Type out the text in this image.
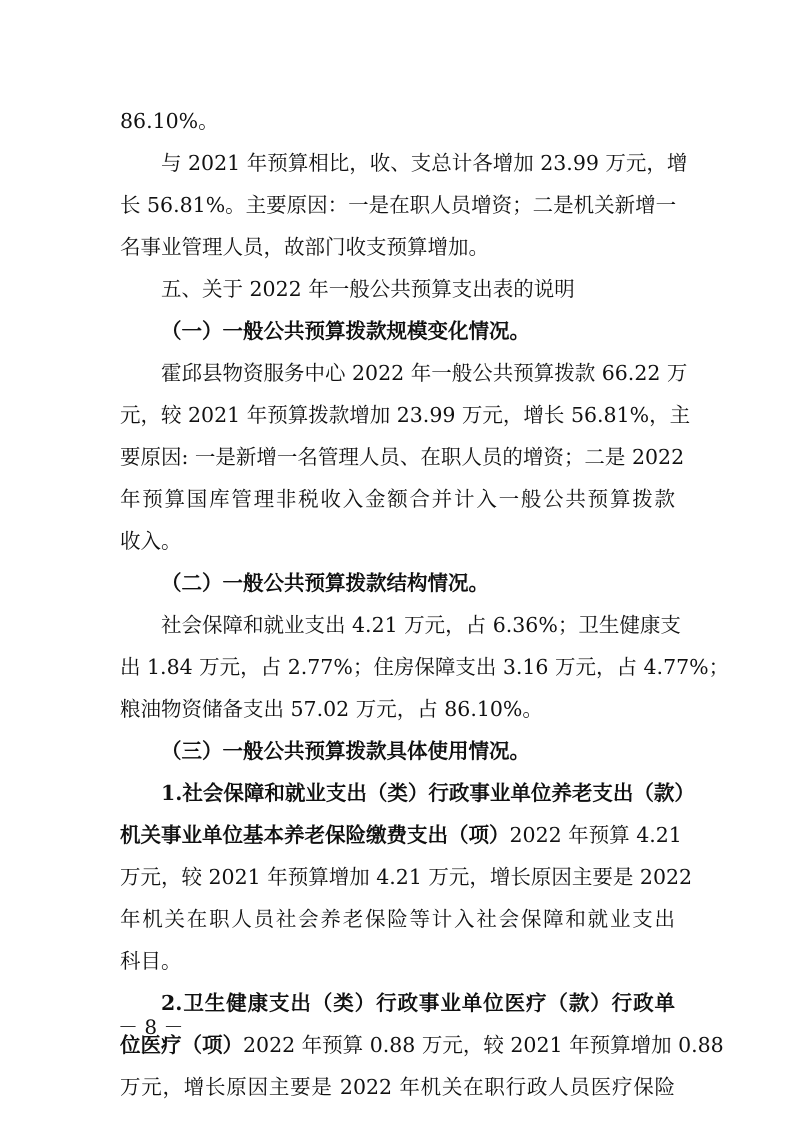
86.10%。
与 2021 年预算相比，收、支总计各增加 23.99 万元，增
长 56.81%。主要原因：一是在职人员增资；二是机关新增一
名事业管理人员，故部门收支预算增加。
五、关于 2022 年一般公共预算支出表的说明
（一）一般公共预算拨款规模变化情况。
霍邱县物资服务中心 2022 年一般公共预算拨款 66.22 万
元，较 2021 年预算拨款增加 23.99 万元，增长 56.81%，主
要原因: 一是新增一名管理人员、在职人员的增资；二是 2022
年预算国库管理非税收入金额合并计入一般公共预算拨款
收入。
（二）一般公共预算拨款结构情况。
社会保障和就业支出 4.21 万元，占 6.36%；卫生健康支
出 1.84 万元，占 2.77%；住房保障支出 3.16 万元，占 4.77%；
粮油物资储备支出 57.02 万元，占 86.10%。
（三）一般公共预算拨款具体使用情况。
1.社会保障和就业支出（类）行政事业单位养老支出（款）
机关事业单位基本养老保险缴费支出（项）2022 年预算 4.21
万元，较 2021 年预算增加 4.21 万元，增长原因主要是 2022
年机关在职人员社会养老保险等计入社会保障和就业支出
科目。
2.卫生健康支出（类）行政事业单位医疗（款）行政单
位医疗（项）2022 年预算 0.88 万元，较 2021 年预算增加 0.88
万元，增长原因主要是 2022 年机关在职行政人员医疗保险
－ 8 －
